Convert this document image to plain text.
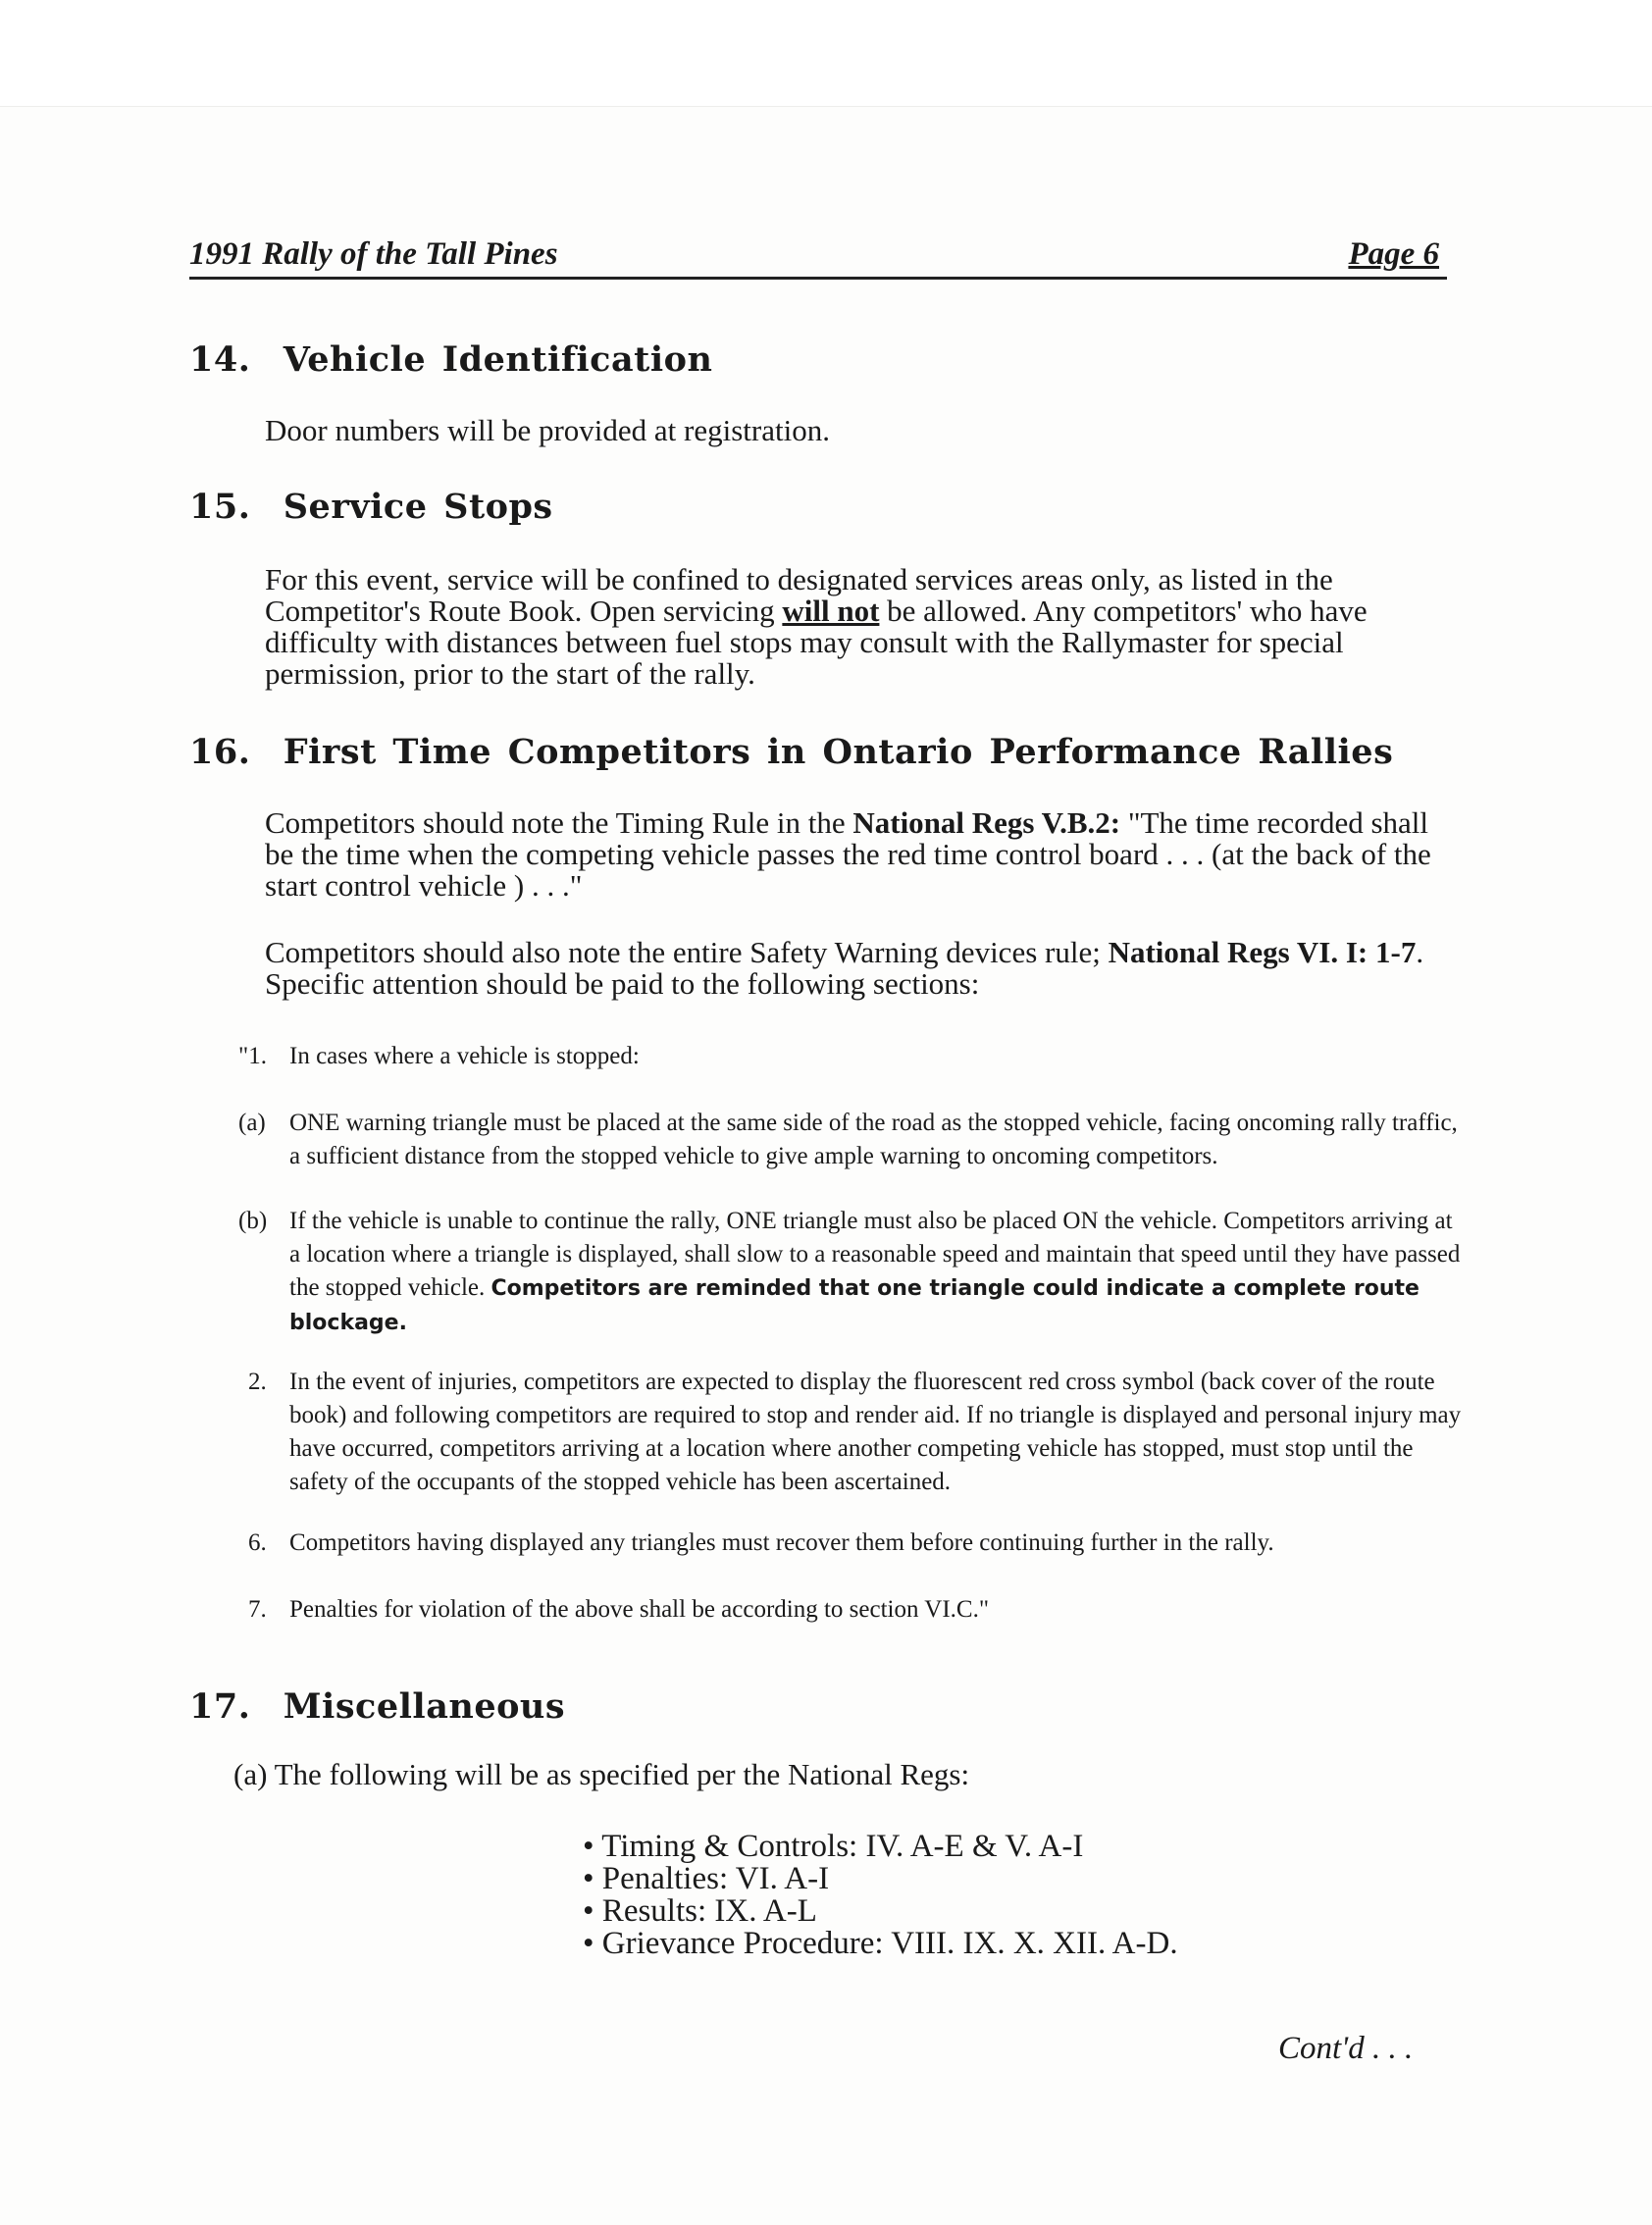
1991 Rally of the Tall Pines	Page 6
14. Vehicle Identification
Door numbers will be provided at registration.
15. Service Stops
For this event, service will be confined to designated services areas only, as listed in the Competitor's Route Book. Open servicing will not be allowed. Any competitors' who have difficulty with distances between fuel stops may consult with the Rallymaster for special permission, prior to the start of the rally.
16. First Time Competitors in Ontario Performance Rallies
Competitors should note the Timing Rule in the National Regs V.B.2: "The time recorded shall be the time when the competing vehicle passes the red time control board . . . (at the back of the start control vehicle ) . . ."
Competitors should also note the entire Safety Warning devices rule; National Regs VI. I: 1-7. Specific attention should be paid to the following sections:
"1. In cases where a vehicle is stopped:
(a) ONE warning triangle must be placed at the same side of the road as the stopped vehicle, facing oncoming rally traffic, a sufficient distance from the stopped vehicle to give ample warning to oncoming competitors.
(b) If the vehicle is unable to continue the rally, ONE triangle must also be placed ON the vehicle. Competitors arriving at a location where a triangle is displayed, shall slow to a reasonable speed and maintain that speed until they have passed the stopped vehicle. Competitors are reminded that one triangle could indicate a complete route blockage.
2. In the event of injuries, competitors are expected to display the fluorescent red cross symbol (back cover of the route book) and following competitors are required to stop and render aid. If no triangle is displayed and personal injury may have occurred, competitors arriving at a location where another competing vehicle has stopped, must stop until the safety of the occupants of the stopped vehicle has been ascertained.
6. Competitors having displayed any triangles must recover them before continuing further in the rally.
7. Penalties for violation of the above shall be according to section VI.C."
17. Miscellaneous
(a) The following will be as specified per the National Regs:
• Timing & Controls: IV. A-E & V. A-I
• Penalties: VI. A-I
• Results: IX. A-L
• Grievance Procedure: VIII. IX. X. XII. A-D.
Cont'd . . .
